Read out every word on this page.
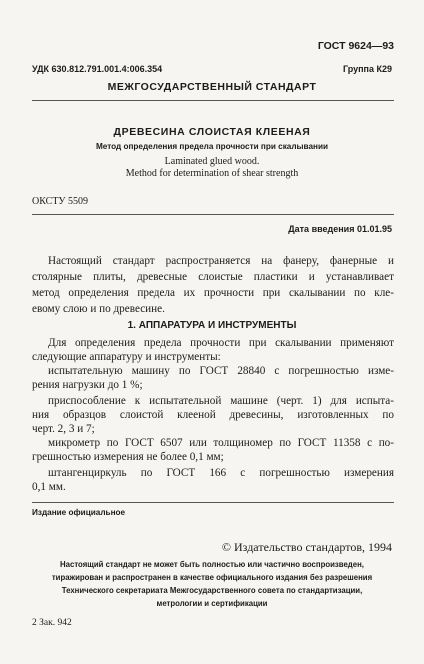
ГОСТ 9624—93
УДК 630.812.791.001.4:006.354	Группа К29
МЕЖГОСУДАРСТВЕННЫЙ СТАНДАРТ
ДРЕВЕСИНА СЛОИСТАЯ КЛЕЕНАЯ
Метод определения предела прочности при скалывании
Laminated glued wood.
Method for determination of shear strength
ОКСТУ 5509
Дата введения 01.01.95
Настоящий стандарт распространяется на фанеру, фанерные и
столярные плиты, древесные слоистые пластики и устанавливает
метод определения предела их прочности при скалывании по кле-
евому слою и по древесине.
1. АППАРАТУРА И ИНСТРУМЕНТЫ
Для определения предела прочности при скалывании применяют
следующие аппаратуру и инструменты:
испытательную машину по ГОСТ 28840 с погрешностью изме-
рения нагрузки до 1 %;
приспособление к испытательной машине (черт. 1) для испыта-
ния образцов слоистой клееной древесины, изготовленных по
черт. 2, 3 и 7;
микрометр по ГОСТ 6507 или толщиномер по ГОСТ 11358 с по-
грешностью измерения не более 0,1 мм;
штангенциркуль по ГОСТ 166 с погрешностью измерения
0,1 мм.
Издание официальное
© Издательство стандартов, 1994
Настоящий стандарт не может быть полностью или частично воспроизведен,
тиражирован и распространен в качестве официального издания без разрешения
Технического секретариата Межгосударственного совета по стандартизации,
метрологии и сертификации
2 Зак. 942
